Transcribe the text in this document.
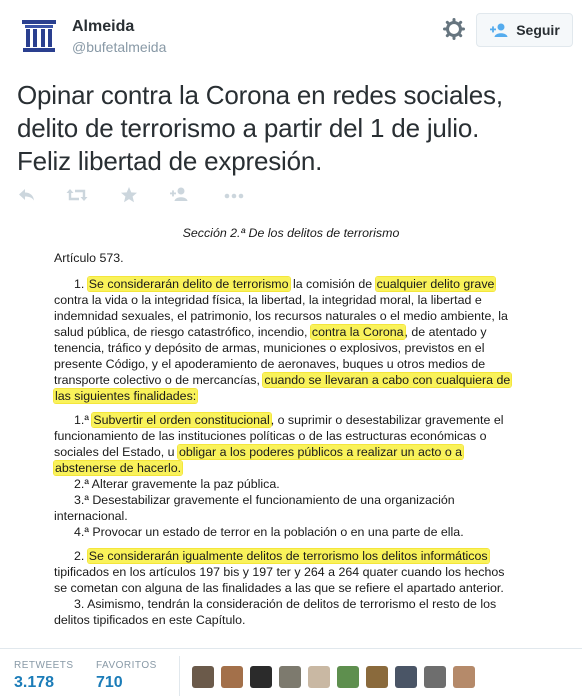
Almeida
@bufetalmeida
Seguir
Opinar contra la Corona en redes sociales,
delito de terrorismo a partir del 1 de julio.
Feliz libertad de expresión.
Sección 2.ª De los delitos de terrorismo
Artículo 573.
1. Se considerarán delito de terrorismo la comisión de cualquier delito grave
contra la vida o la integridad física, la libertad, la integridad moral, la libertad e
indemnidad sexuales, el patrimonio, los recursos naturales o el medio ambiente, la
salud pública, de riesgo catastrófico, incendio, contra la Corona, de atentado y
tenencia, tráfico y depósito de armas, municiones o explosivos, previstos en el
presente Código, y el apoderamiento de aeronaves, buques u otros medios de
transporte colectivo o de mercancías, cuando se llevaran a cabo con cualquiera de
las siguientes finalidades:
1.ª Subvertir el orden constitucional, o suprimir o desestabilizar gravemente el
funcionamiento de las instituciones políticas o de las estructuras económicas o
sociales del Estado, u obligar a los poderes públicos a realizar un acto o a
abstenerse de hacerlo.
2.ª Alterar gravemente la paz pública.
3.ª Desestabilizar gravemente el funcionamiento de una organización
internacional.
4.ª Provocar un estado de terror en la población o en una parte de ella.
2. Se considerarán igualmente delitos de terrorismo los delitos informáticos
tipificados en los artículos 197 bis y 197 ter y 264 a 264 quater cuando los hechos
se cometan con alguna de las finalidades a las que se refiere el apartado anterior.
3. Asimismo, tendrán la consideración de delitos de terrorismo el resto de los
delitos tipificados en este Capítulo.
RETWEETS
3.178
FAVORITOS
710
